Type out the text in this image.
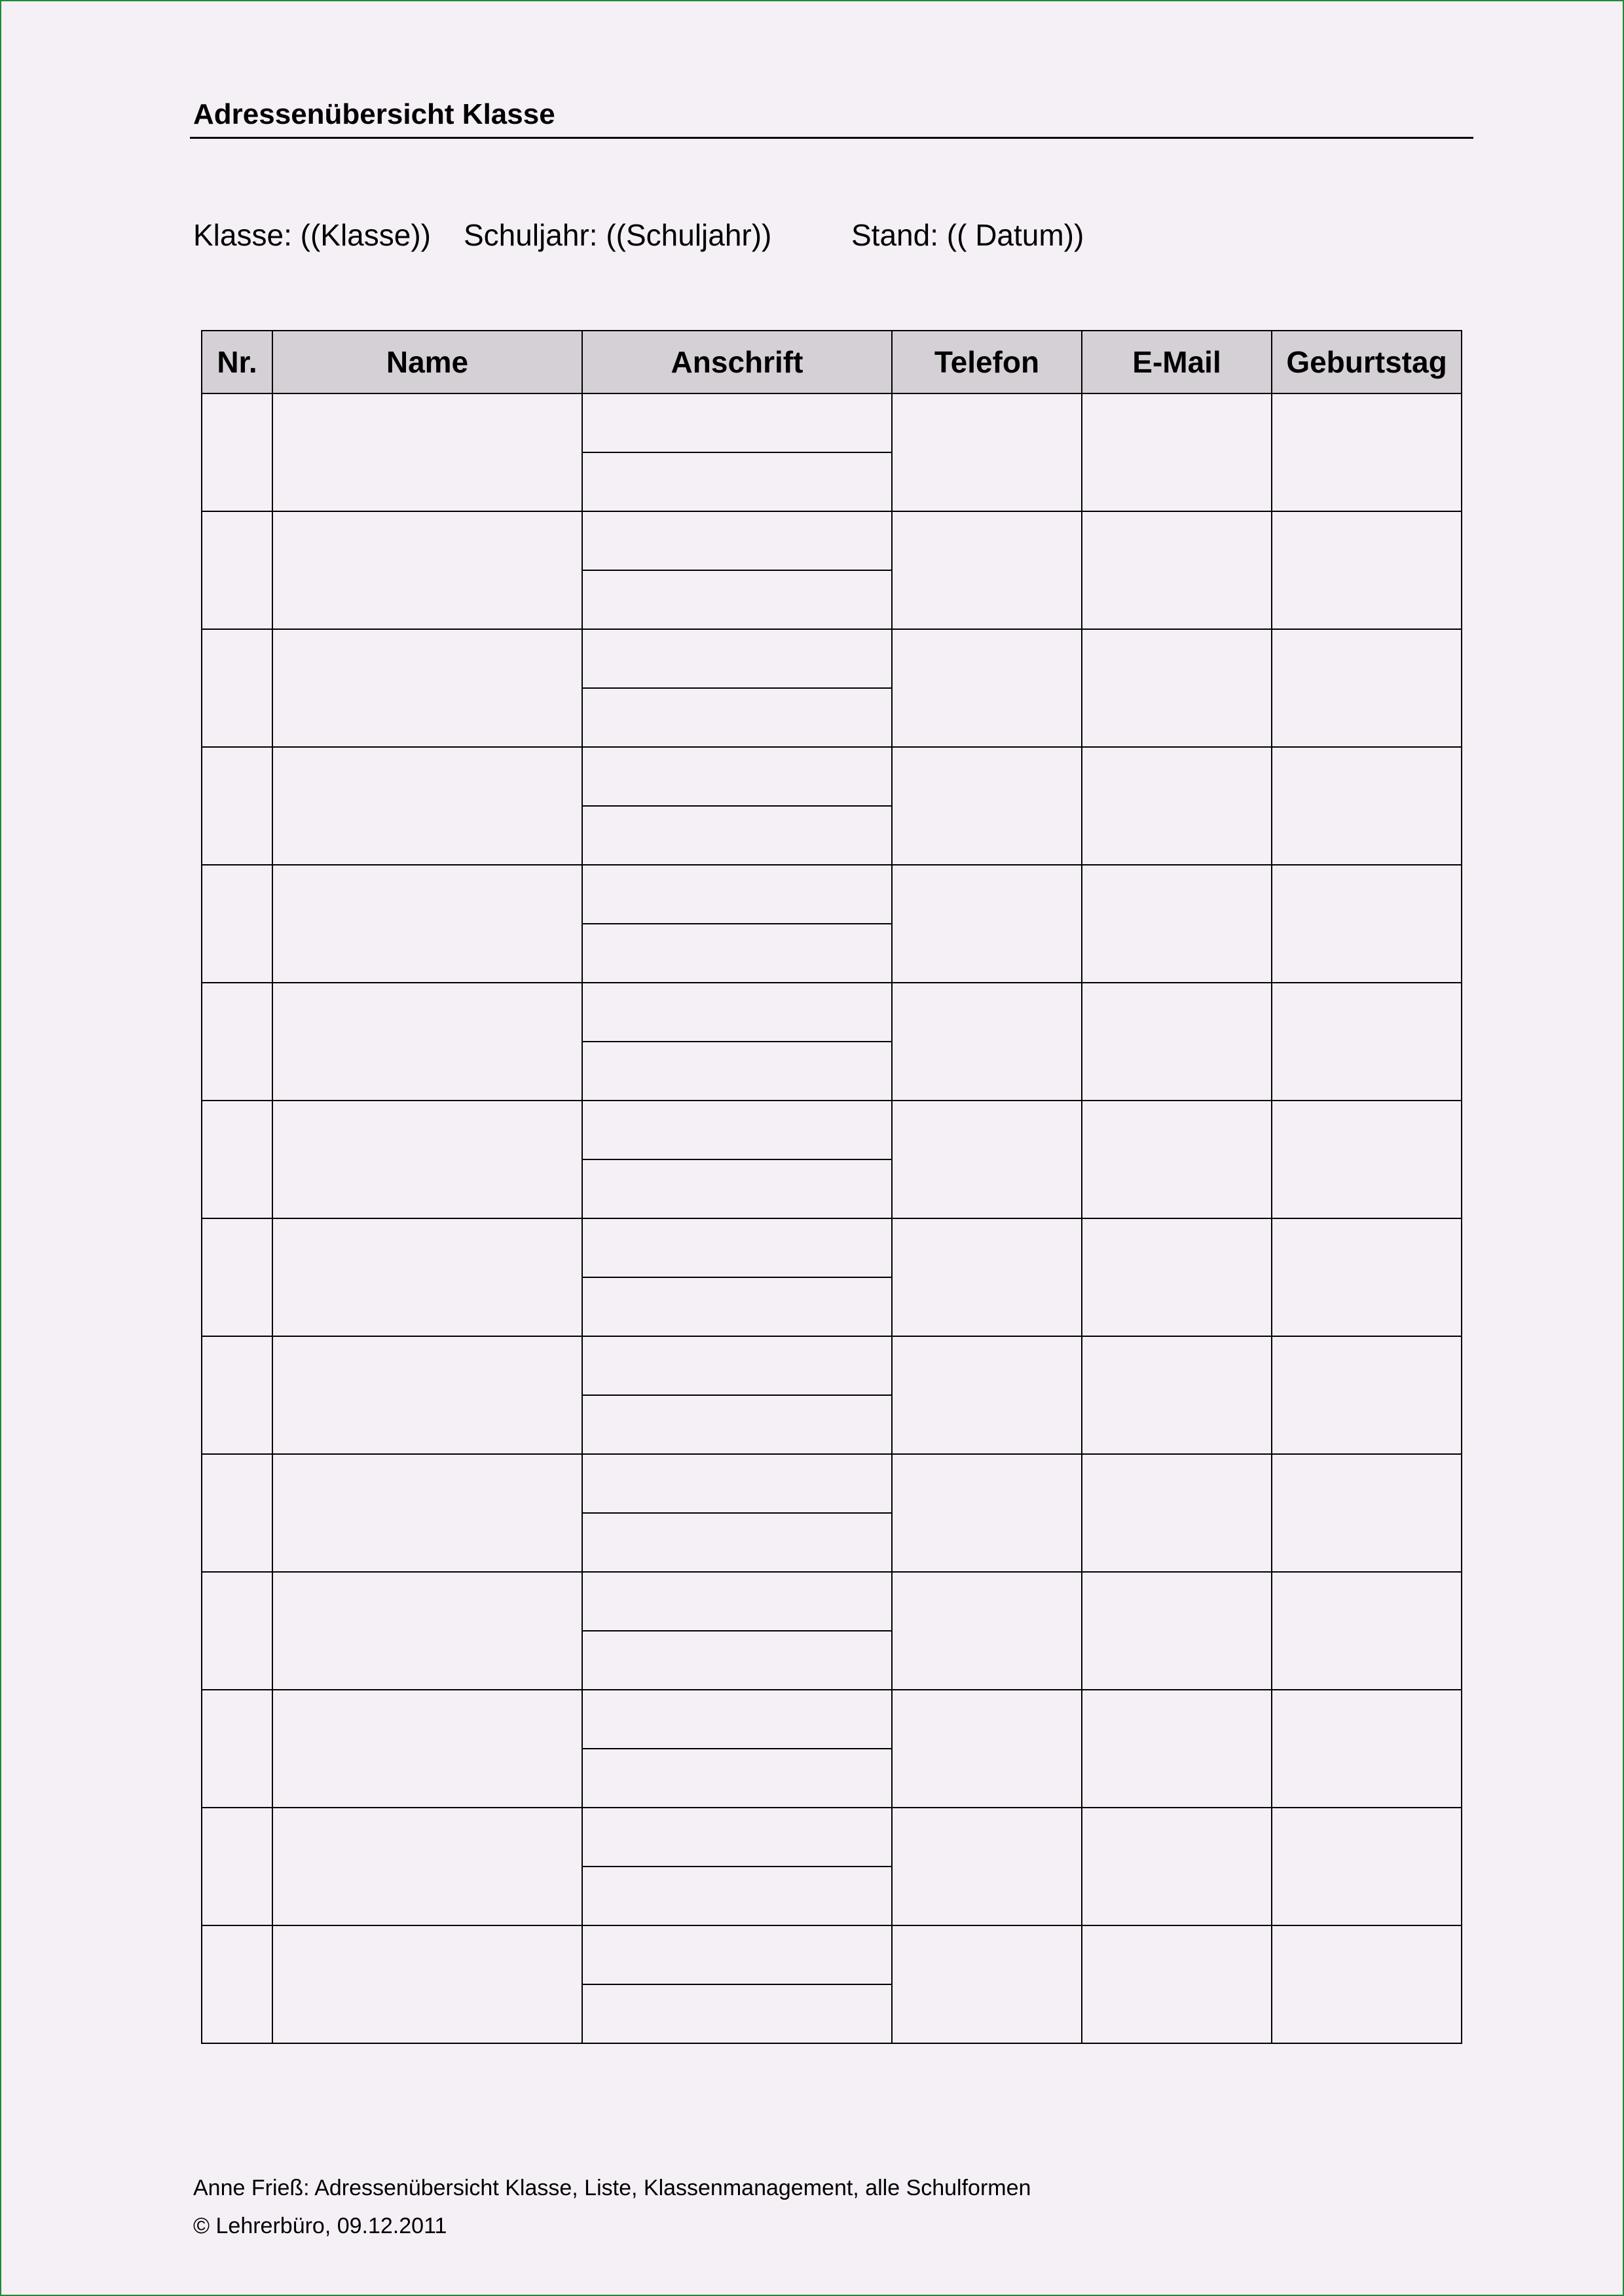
Adressenübersicht Klasse
Klasse: ((Klasse)) Schuljahr: ((Schuljahr))	Stand: (( Datum))
Nr.	Name	Anschrift	Telefon	E-Mail	Geburtstag

Anne Frieß: Adressenübersicht Klasse, Liste, Klassenmanagement, alle Schulformen
© Lehrerbüro, 09.12.2011
